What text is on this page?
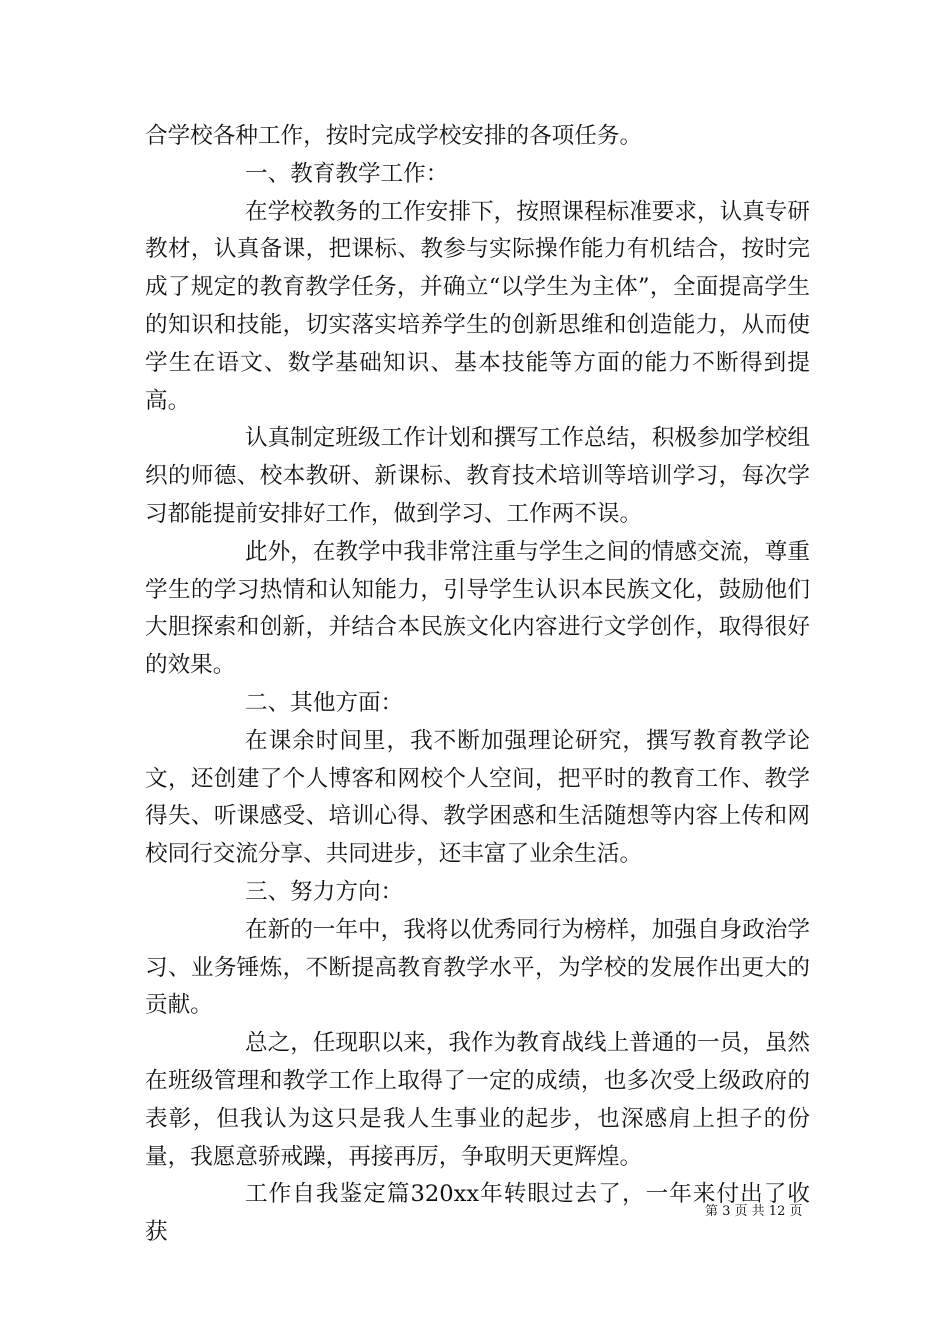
合学校各种工作，按时完成学校安排的各项任务。

一、教育教学工作：

在学校教务的工作安排下，按照课程标准要求，认真专研教材，认真备课，把课标、教参与实际操作能力有机结合，按时完成了规定的教育教学任务，并确立“以学生为主体”，全面提高学生的知识和技能，切实落实培养学生的创新思维和创造能力，从而使学生在语文、数学基础知识、基本技能等方面的能力不断得到提高。

认真制定班级工作计划和撰写工作总结，积极参加学校组织的师德、校本教研、新课标、教育技术培训等培训学习，每次学习都能提前安排好工作，做到学习、工作两不误。

此外，在教学中我非常注重与学生之间的情感交流，尊重学生的学习热情和认知能力，引导学生认识本民族文化，鼓励他们大胆探索和创新，并结合本民族文化内容进行文学创作，取得很好的效果。

二、其他方面：

在课余时间里，我不断加强理论研究，撰写教育教学论文，还创建了个人博客和网校个人空间，把平时的教育工作、教学得失、听课感受、培训心得、教学困惑和生活随想等内容上传和网校同行交流分享、共同进步，还丰富了业余生活。

三、努力方向：

在新的一年中，我将以优秀同行为榜样，加强自身政治学习、业务锤炼，不断提高教育教学水平，为学校的发展作出更大的贡献。

总之，任现职以来，我作为教育战线上普通的一员，虽然在班级管理和教学工作上取得了一定的成绩，也多次受上级政府的表彰，但我认为这只是我人生事业的起步，也深感肩上担子的份量，我愿意骄戒躁，再接再厉，争取明天更辉煌。

工作自我鉴定篇320xx年转眼过去了，一年来付出了收获

第 3 页 共 12 页
